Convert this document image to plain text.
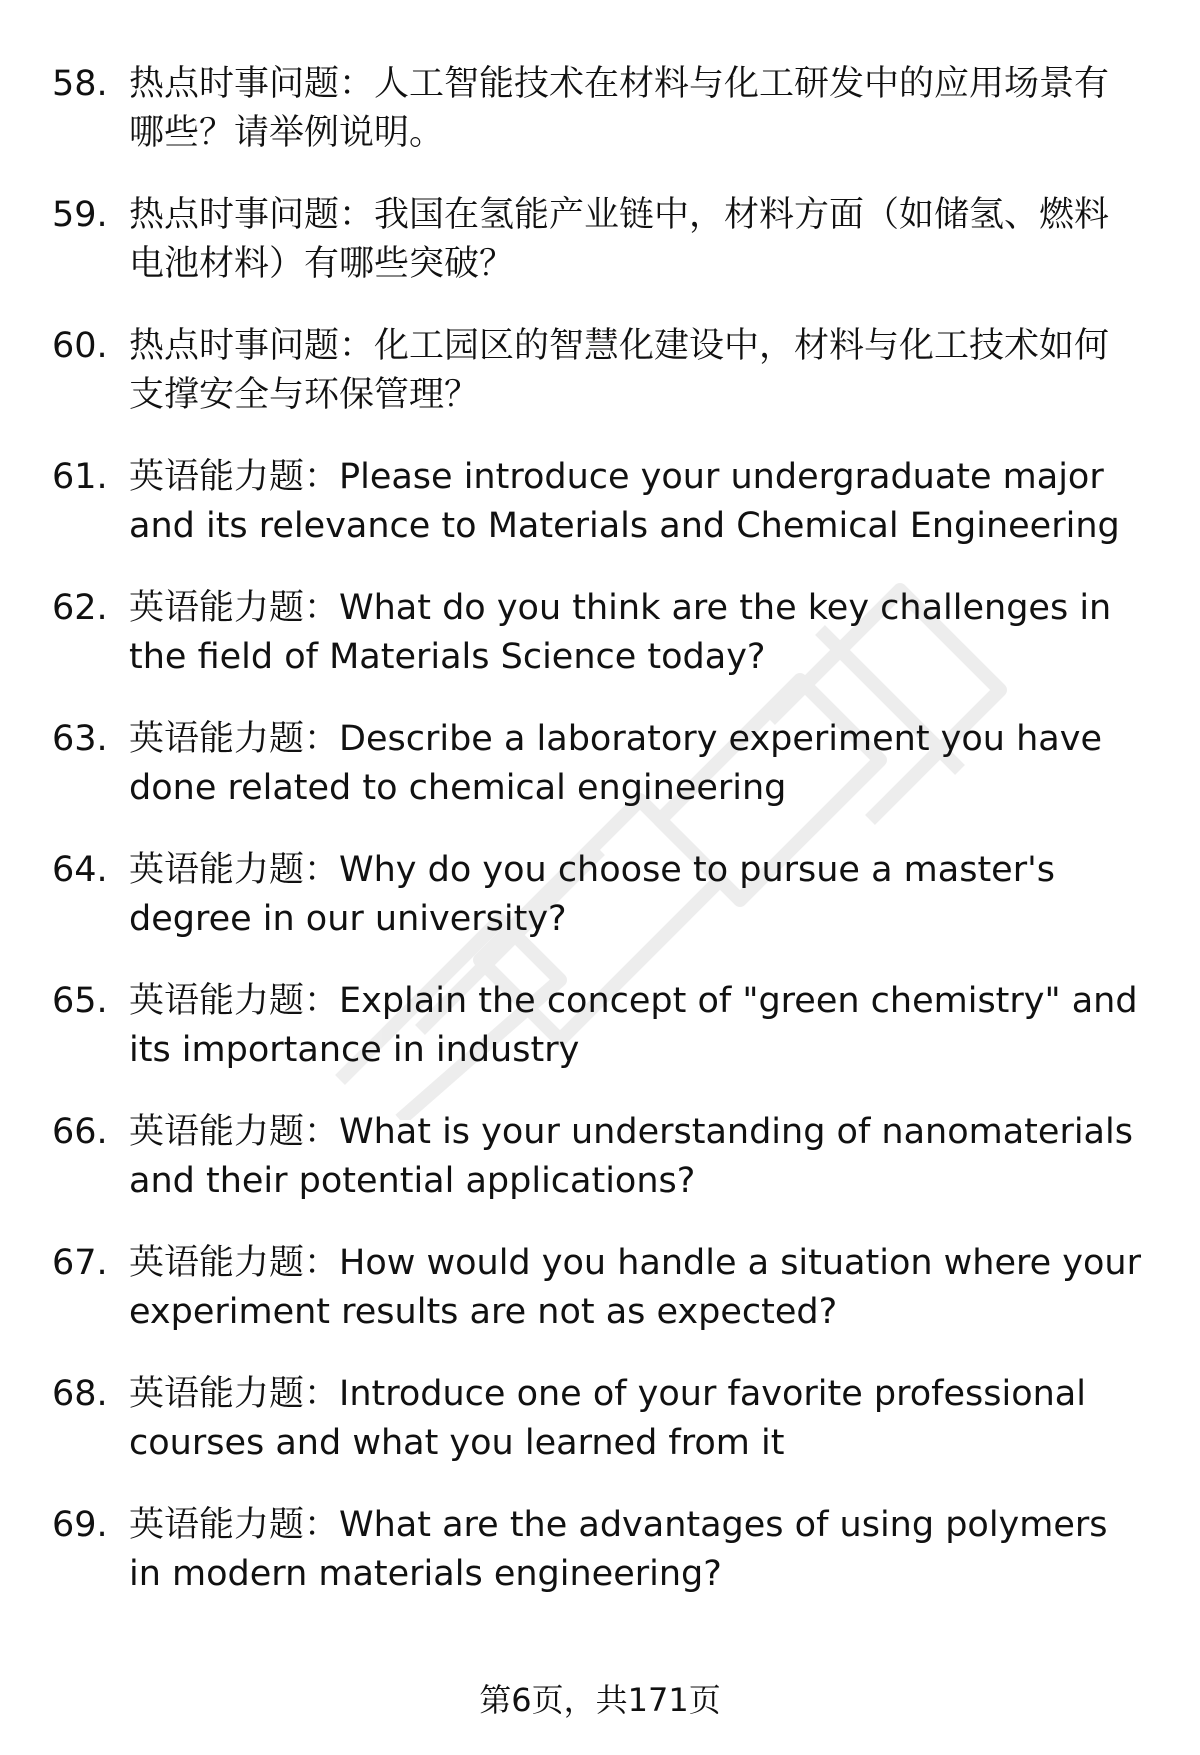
58. 热点时事问题：人工智能技术在材料与化工研发中的应用场景有哪些？请举例说明。
59. 热点时事问题：我国在氢能产业链中，材料方面（如储氢、燃料电池材料）有哪些突破？
60. 热点时事问题：化工园区的智慧化建设中，材料与化工技术如何支撑安全与环保管理？
61. 英语能力题：Please introduce your undergraduate major and its relevance to Materials and Chemical Engineering
62. 英语能力题：What do you think are the key challenges in the field of Materials Science today?
63. 英语能力题：Describe a laboratory experiment you have done related to chemical engineering
64. 英语能力题：Why do you choose to pursue a master's degree in our university?
65. 英语能力题：Explain the concept of "green chemistry" and its importance in industry
66. 英语能力题：What is your understanding of nanomaterials and their potential applications?
67. 英语能力题：How would you handle a situation where your experiment results are not as expected?
68. 英语能力题：Introduce one of your favorite professional courses and what you learned from it
69. 英语能力题：What are the advantages of using polymers in modern materials engineering?
第6页，共171页
